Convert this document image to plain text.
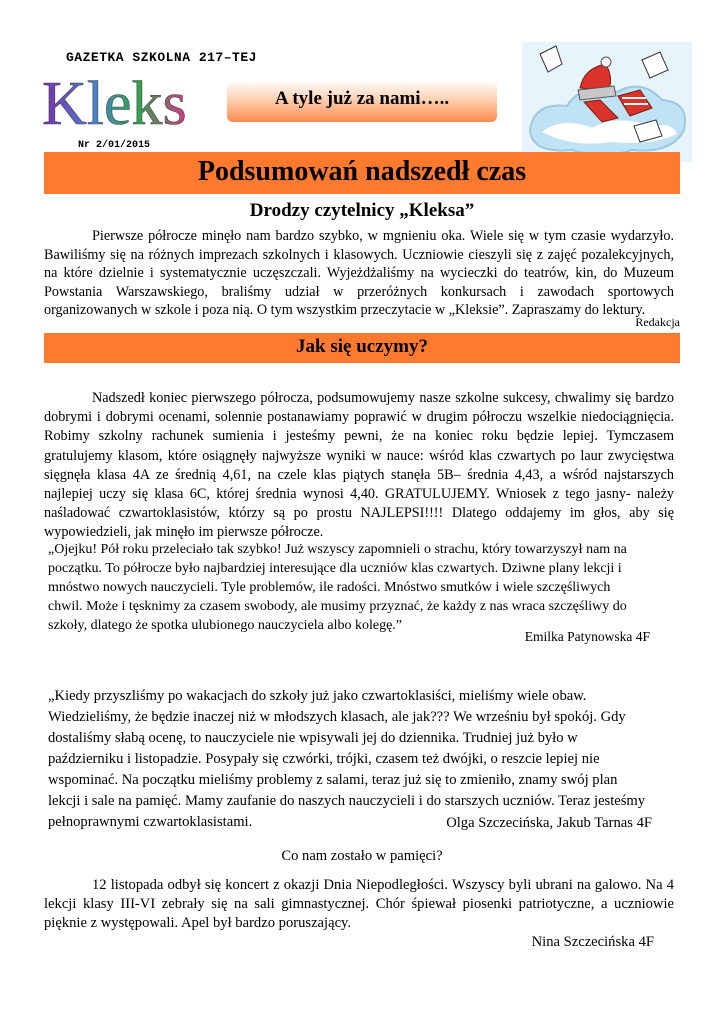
GAZETKA SZKOLNA 217–TEJ
Kleks
Nr 2/01/2015
A tyle już za nami…..
Podsumowań nadszedł czas
Drodzy czytelnicy „Kleksa”

Pierwsze półrocze minęło nam bardzo szybko, w mgnieniu oka. Wiele się w tym czasie wydarzyło. Bawiliśmy się na różnych imprezach szkolnych i klasowych. Uczniowie cieszyli się z zajęć pozalekcyjnych, na które dzielnie i systematycznie uczęszczali. Wyjeżdżaliśmy na wycieczki do teatrów, kin, do Muzeum Powstania Warszawskiego, braliśmy udział w przeróżnych konkursach i zawodach sportowych organizowanych w szkole i poza nią. O tym wszystkim przeczytacie w „Kleksie”. Zapraszamy do lektury.

Redakcja
Jak się uczymy?

Nadszedł koniec pierwszego półrocza, podsumowujemy nasze szkolne sukcesy, chwalimy się bardzo dobrymi i dobrymi ocenami, solennie postanawiamy poprawić w drugim półroczu wszelkie niedociągnięcia. Robimy szkolny rachunek sumienia i jesteśmy pewni, że na koniec roku będzie lepiej. Tymczasem gratulujemy klasom, które osiągnęły najwyższe wyniki w nauce: wśród klas czwartych po laur zwycięstwa sięgnęła klasa 4A ze średnią 4,61, na czele klas piątych stanęła 5B– średnia 4,43, a wśród najstarszych najlepiej uczy się klasa 6C, której średnia wynosi 4,40. GRATULUJEMY. Wniosek z tego jasny- należy naśladować czwartoklasistów, którzy są po prostu NAJLEPSI!!!! Dlatego oddajemy im głos, aby się wypowiedzieli, jak minęło im pierwsze półrocze.

„Ojejku! Pół roku przeleciało tak szybko! Już wszyscy zapomnieli o strachu, który towarzyszył nam na początku. To półrocze było najbardziej interesujące dla uczniów klas czwartych. Dziwne plany lekcji i mnóstwo nowych nauczycieli. Tyle problemów, ile radości. Mnóstwo smutków i wiele szczęśliwych chwil. Może i tęsknimy za czasem swobody, ale musimy przyznać, że każdy z nas wraca szczęśliwy do szkoły, dlatego że spotka ulubionego nauczyciela albo kolegę.”

Emilka Patynowska 4F

„Kiedy przyszliśmy po wakacjach do szkoły już jako czwartoklasiści, mieliśmy wiele obaw. Wiedzieliśmy, że będzie inaczej niż w młodszych klasach, ale jak??? We wrześniu był spokój. Gdy dostaliśmy słabą ocenę, to nauczyciele nie wpisywali jej do dziennika. Trudniej już było w październiku i listopadzie. Posypały się czwórki, trójki, czasem też dwójki, o reszcie lepiej nie wspominać. Na początku mieliśmy problemy z salami, teraz już się to zmieniło, znamy swój plan lekcji i sale na pamięć. Mamy zaufanie do naszych nauczycieli i do starszych uczniów. Teraz jesteśmy pełnoprawnymi czwartoklasistami.	Olga Szczecińska, Jakub Tarnas 4F
Co nam zostało w pamięci?

12 listopada odbył się koncert z okazji Dnia Niepodległości. Wszyscy byli ubrani na galowo. Na 4 lekcji klasy III-VI zebrały się na sali gimnastycznej. Chór śpiewał piosenki patriotyczne, a uczniowie pięknie z występowali. Apel był bardzo poruszający.

Nina Szczecińska 4F
